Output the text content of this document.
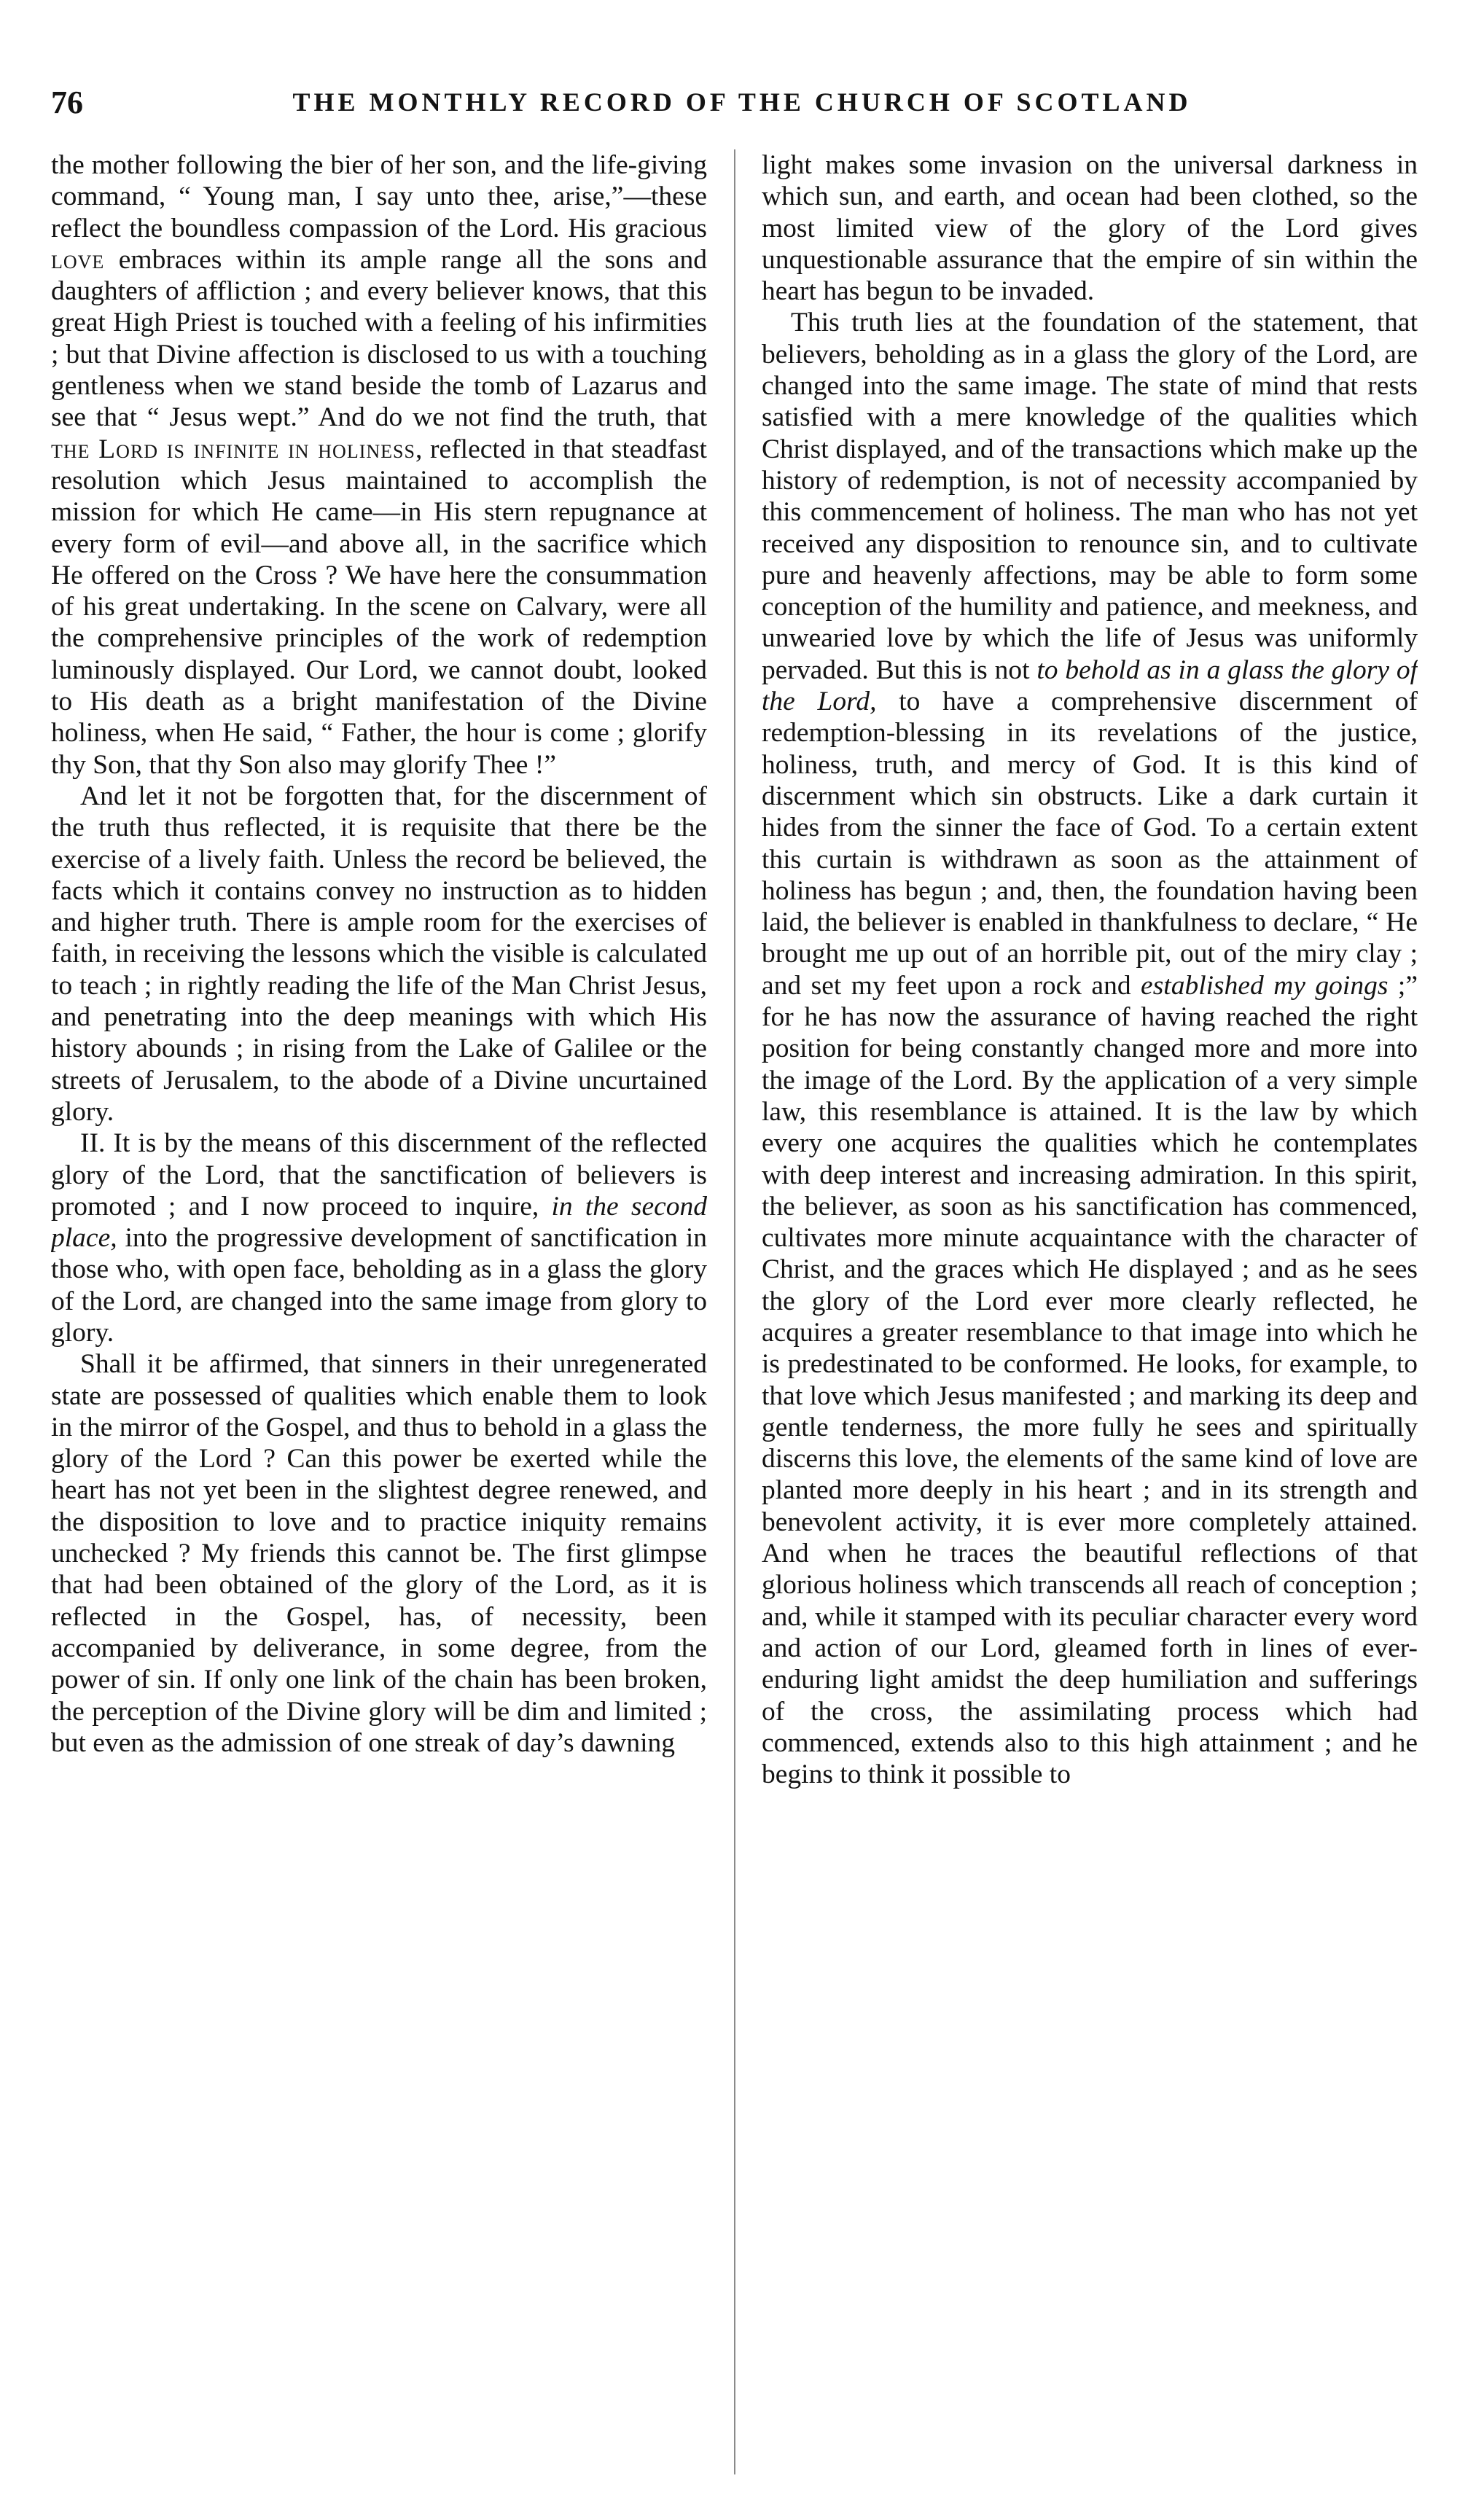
76	THE MONTHLY RECORD OF THE CHURCH OF SCOTLAND

the mother following the bier of her son, and the life-giving command, “ Young man, I say unto thee, arise,”—these reflect the boundless compassion of the Lord. His gracious love embraces within its ample range all the sons and daughters of affliction ; and every believer knows, that this great High Priest is touched with a feeling of his infirmities ; but that Divine affection is disclosed to us with a touching gentleness when we stand beside the tomb of Lazarus and see that “ Jesus wept.” And do we not find the truth, that the Lord is infinite in holiness, reflected in that steadfast resolution which Jesus maintained to accomplish the mission for which He came—in His stern repugnance at every form of evil—and above all, in the sacrifice which He offered on the Cross ? We have here the consummation of his great undertaking. In the scene on Calvary, were all the comprehensive principles of the work of redemption luminously displayed. Our Lord, we cannot doubt, looked to His death as a bright manifestation of the Divine holiness, when He said, “ Father, the hour is come ; glorify thy Son, that thy Son also may glorify Thee !”

And let it not be forgotten that, for the discernment of the truth thus reflected, it is requisite that there be the exercise of a lively faith. Unless the record be believed, the facts which it contains convey no instruction as to hidden and higher truth. There is ample room for the exercises of faith, in receiving the lessons which the visible is calculated to teach ; in rightly reading the life of the Man Christ Jesus, and penetrating into the deep meanings with which His history abounds ; in rising from the Lake of Galilee or the streets of Jerusalem, to the abode of a Divine uncurtained glory.

II. It is by the means of this discernment of the reflected glory of the Lord, that the sanctification of believers is promoted ; and I now proceed to inquire, in the second place, into the progressive development of sanctification in those who, with open face, beholding as in a glass the glory of the Lord, are changed into the same image from glory to glory.

Shall it be affirmed, that sinners in their unregenerated state are possessed of qualities which enable them to look in the mirror of the Gospel, and thus to behold in a glass the glory of the Lord ? Can this power be exerted while the heart has not yet been in the slightest degree renewed, and the disposition to love and to practice iniquity remains unchecked ? My friends this cannot be. The first glimpse that had been obtained of the glory of the Lord, as it is reflected in the Gospel, has, of necessity, been accompanied by deliverance, in some degree, from the power of sin. If only one link of the chain has been broken, the perception of the Divine glory will be dim and limited ; but even as the admission of one streak of day’s dawning

light makes some invasion on the universal darkness in which sun, and earth, and ocean had been clothed, so the most limited view of the glory of the Lord gives unquestionable assurance that the empire of sin within the heart has begun to be invaded.

This truth lies at the foundation of the statement, that believers, beholding as in a glass the glory of the Lord, are changed into the same image. The state of mind that rests satisfied with a mere knowledge of the qualities which Christ displayed, and of the transactions which make up the history of redemption, is not of necessity accompanied by this commencement of holiness. The man who has not yet received any disposition to renounce sin, and to cultivate pure and heavenly affections, may be able to form some conception of the humility and patience, and meekness, and unwearied love by which the life of Jesus was uniformly pervaded. But this is not to behold as in a glass the glory of the Lord, to have a comprehensive discernment of redemption-blessing in its revelations of the justice, holiness, truth, and mercy of God. It is this kind of discernment which sin obstructs. Like a dark curtain it hides from the sinner the face of God. To a certain extent this curtain is withdrawn as soon as the attainment of holiness has begun ; and, then, the foundation having been laid, the believer is enabled in thankfulness to declare, “ He brought me up out of an horrible pit, out of the miry clay ; and set my feet upon a rock and established my goings ;” for he has now the assurance of having reached the right position for being constantly changed more and more into the image of the Lord. By the application of a very simple law, this resemblance is attained. It is the law by which every one acquires the qualities which he contemplates with deep interest and increasing admiration. In this spirit, the believer, as soon as his sanctification has commenced, cultivates more minute acquaintance with the character of Christ, and the graces which He displayed ; and as he sees the glory of the Lord ever more clearly reflected, he acquires a greater resemblance to that image into which he is predestinated to be conformed. He looks, for example, to that love which Jesus manifested ; and marking its deep and gentle tenderness, the more fully he sees and spiritually discerns this love, the elements of the same kind of love are planted more deeply in his heart ; and in its strength and benevolent activity, it is ever more completely attained. And when he traces the beautiful reflections of that glorious holiness which transcends all reach of conception ; and, while it stamped with its peculiar character every word and action of our Lord, gleamed forth in lines of ever-enduring light amidst the deep humiliation and sufferings of the cross, the assimilating process which had commenced, extends also to this high attainment ; and he begins to think it possible to
